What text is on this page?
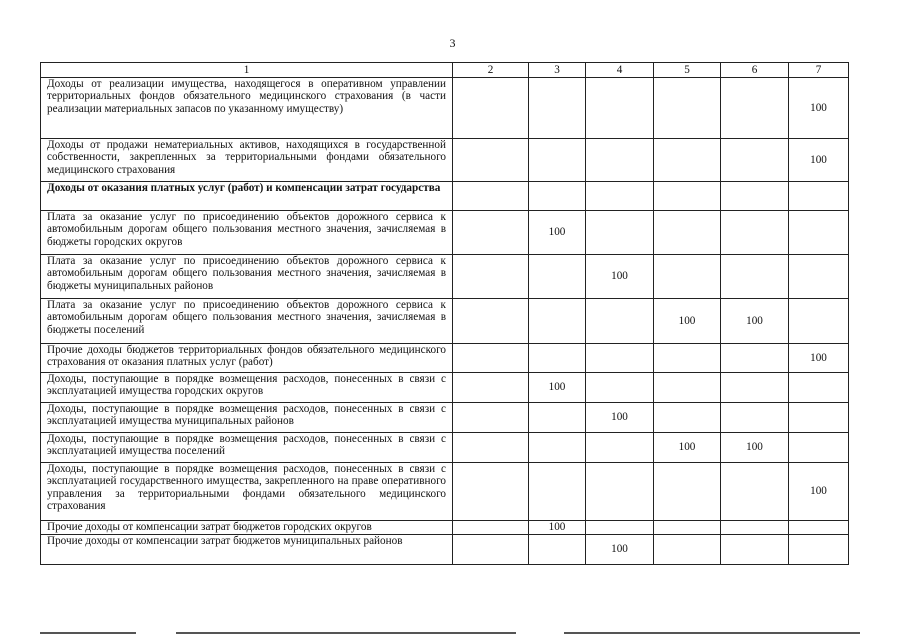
3
1	2	3	4	5	6	7
Доходы от реализации имущества, находящегося в оперативном управлении территориальных фондов обязательного медицинского страхования (в части реализации материальных запасов по указанному имуществу)						100
Доходы от продажи нематериальных активов, находящихся в государственной собственности, закрепленных за территориальными фондами обязательного медицинского страхования						100
Доходы от оказания платных услуг (работ) и компенсации затрат государства						
Плата за оказание услуг по присоединению объектов дорожного сервиса к автомобильным дорогам общего пользования местного значения, зачисляемая в бюджеты городских округов		100				
Плата за оказание услуг по присоединению объектов дорожного сервиса к автомобильным дорогам общего пользования местного значения, зачисляемая в бюджеты муниципальных районов			100			
Плата за оказание услуг по присоединению объектов дорожного сервиса к автомобильным дорогам общего пользования местного значения, зачисляемая в бюджеты поселений				100	100	
Прочие доходы бюджетов территориальных фондов обязательного медицинского страхования от оказания платных услуг (работ)						100
Доходы, поступающие в порядке возмещения расходов, понесенных в связи с эксплуатацией имущества городских округов		100				
Доходы, поступающие в порядке возмещения расходов, понесенных в связи с эксплуатацией имущества муниципальных районов			100			
Доходы, поступающие в порядке возмещения расходов, понесенных в связи с эксплуатацией имущества поселений				100	100	
Доходы, поступающие в порядке возмещения расходов, понесенных в связи с эксплуатацией государственного имущества, закрепленного на праве оперативного управления за территориальными фондами обязательного медицинского страхования						100
Прочие доходы от компенсации затрат бюджетов городских округов		100				
Прочие доходы от компенсации затрат бюджетов муниципальных районов			100			
